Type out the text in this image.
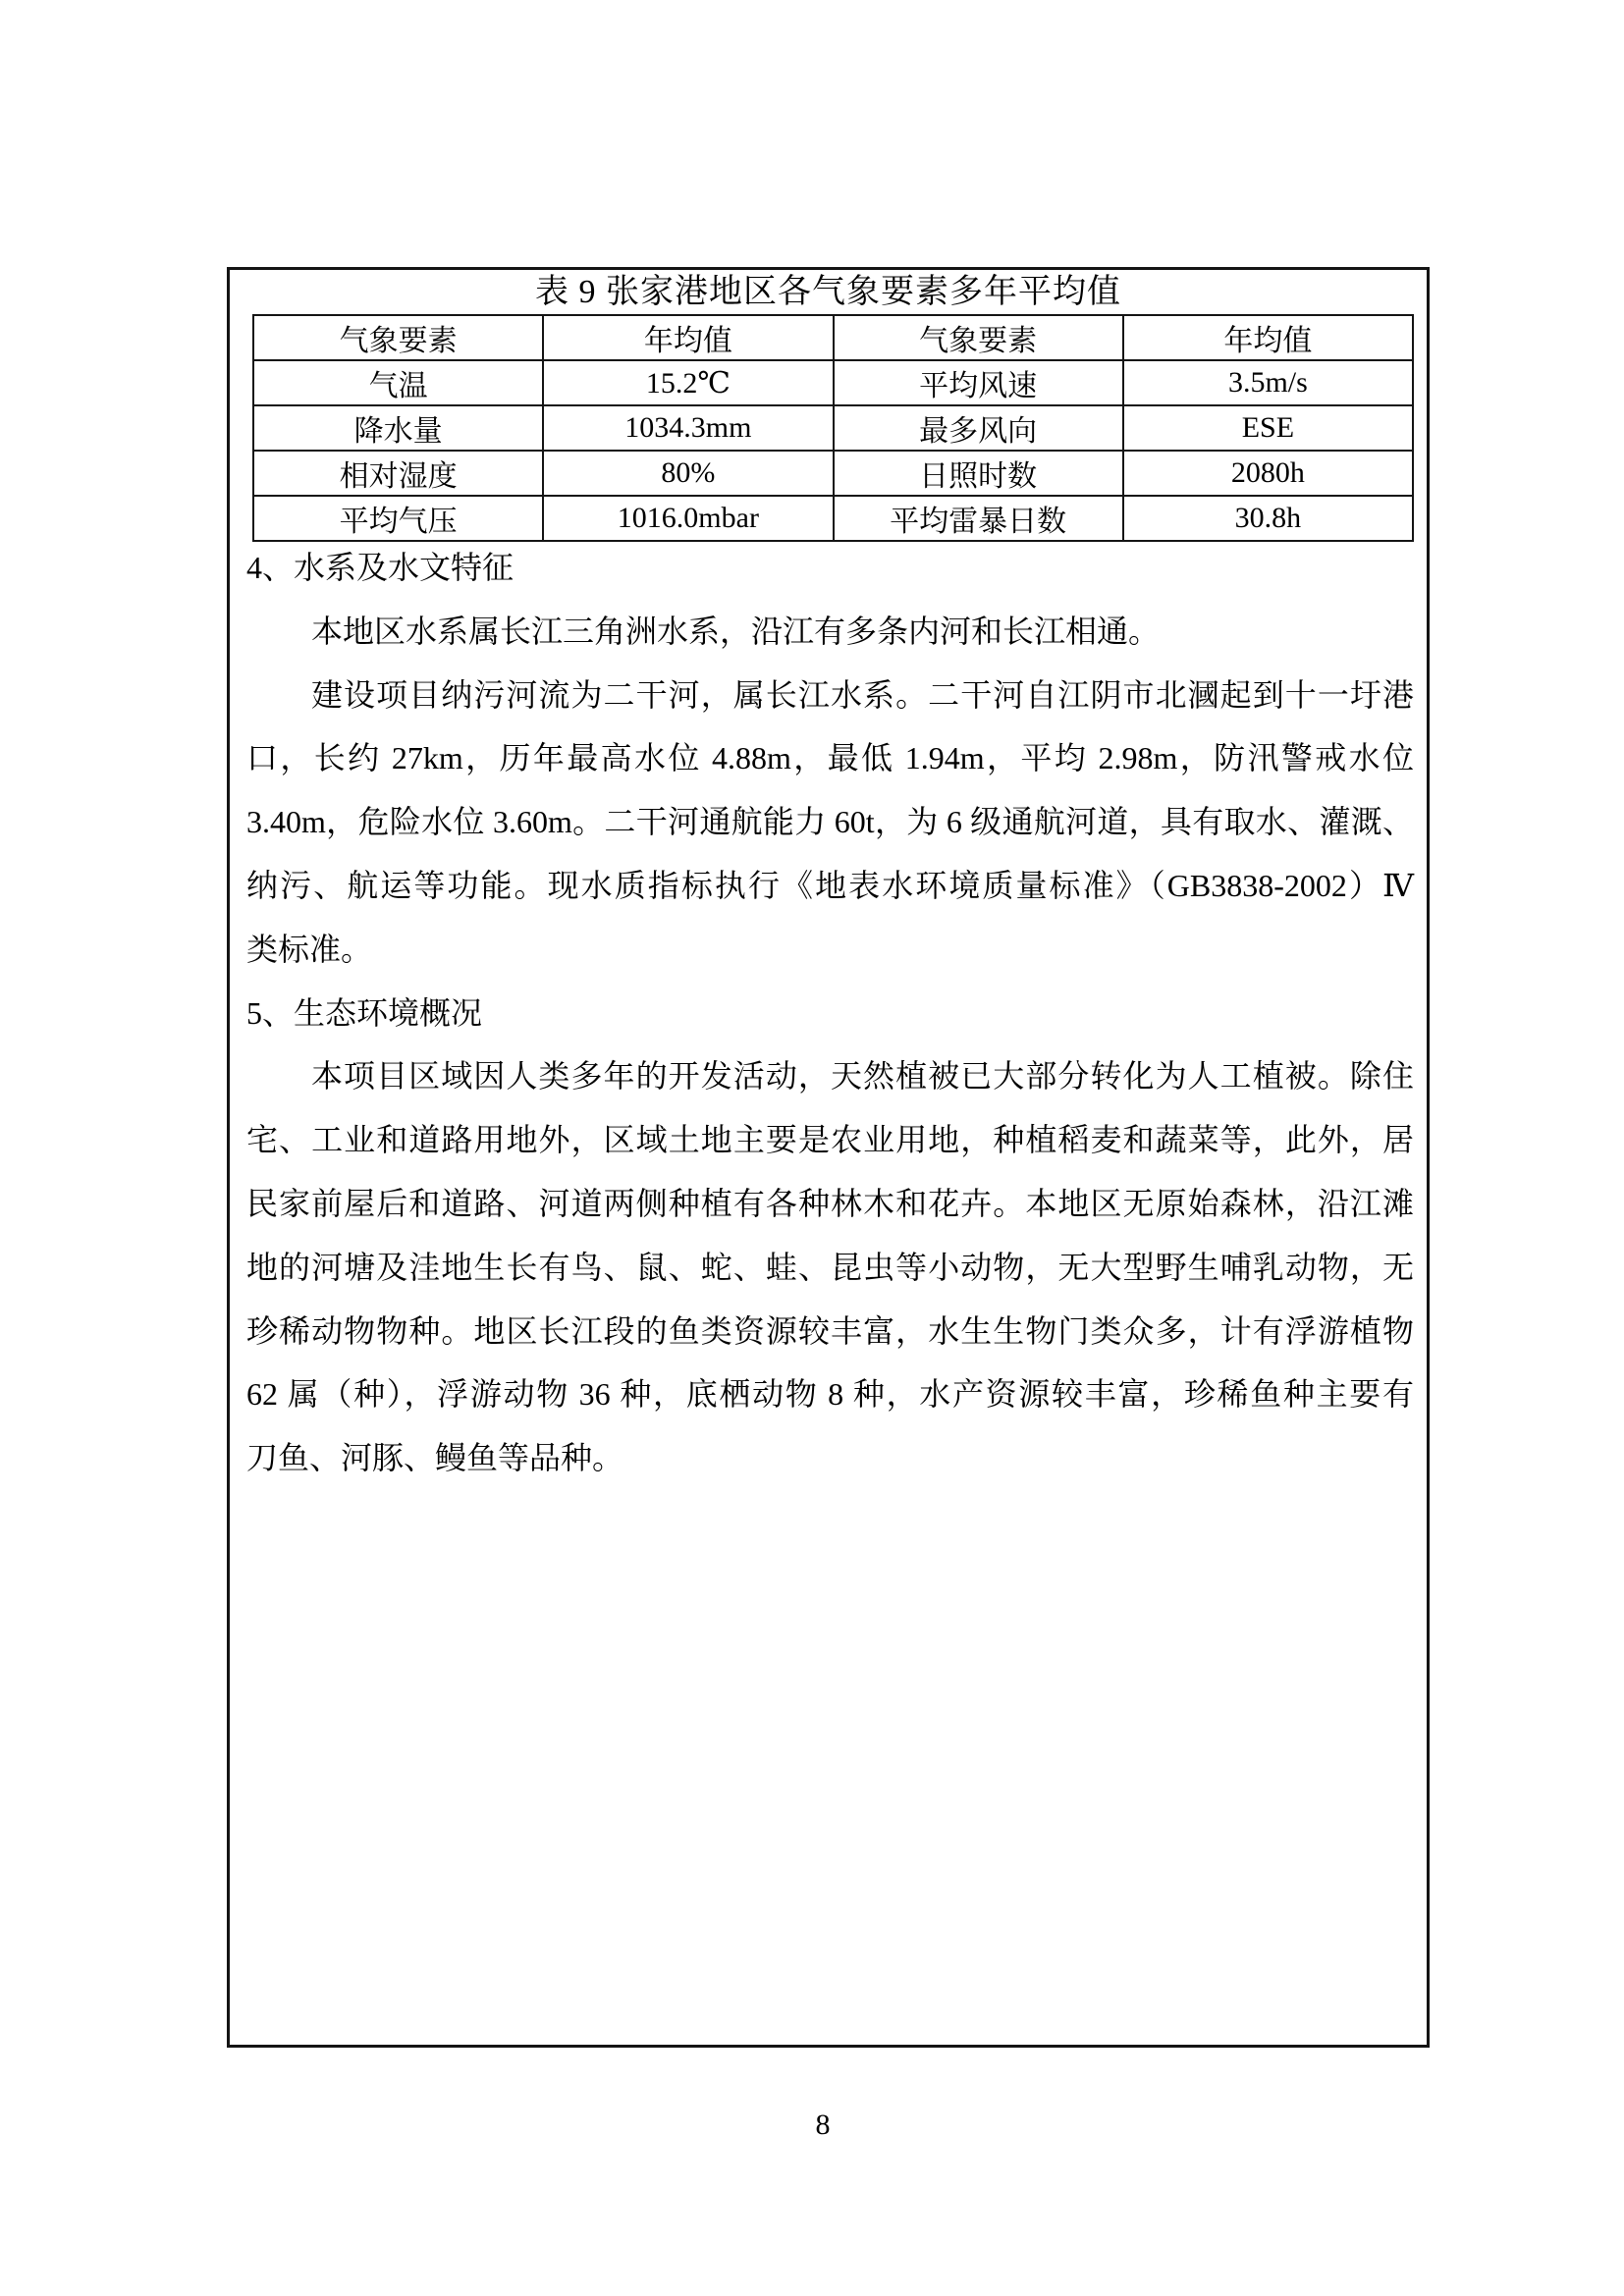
表 9 张家港地区各气象要素多年平均值
气象要素	年均值	气象要素	年均值
气温	15.2℃	平均风速	3.5m/s
降水量	1034.3mm	最多风向	ESE
相对湿度	80%	日照时数	2080h
平均气压	1016.0mbar	平均雷暴日数	30.8h
4、水系及水文特征
本地区水系属长江三角洲水系，沿江有多条内河和长江相通。
建设项目纳污河流为二干河，属长江水系。二干河自江阴市北漍起到十一圩港
口，长约 27km，历年最高水位 4.88m，最低 1.94m，平均 2.98m，防汛警戒水位
3.40m，危险水位 3.60m。二干河通航能力 60t，为 6 级通航河道，具有取水、灌溉、
纳污、航运等功能。现水质指标执行《地表水环境质量标准》（GB3838-2002）Ⅳ
类标准。
5、生态环境概况
本项目区域因人类多年的开发活动，天然植被已大部分转化为人工植被。除住
宅、工业和道路用地外，区域土地主要是农业用地，种植稻麦和蔬菜等，此外，居
民家前屋后和道路、河道两侧种植有各种林木和花卉。本地区无原始森林，沿江滩
地的河塘及洼地生长有鸟、鼠、蛇、蛙、昆虫等小动物，无大型野生哺乳动物，无
珍稀动物物种。地区长江段的鱼类资源较丰富，水生生物门类众多，计有浮游植物
62 属（种），浮游动物 36 种，底栖动物 8 种，水产资源较丰富，珍稀鱼种主要有
刀鱼、河豚、鳗鱼等品种。
8
